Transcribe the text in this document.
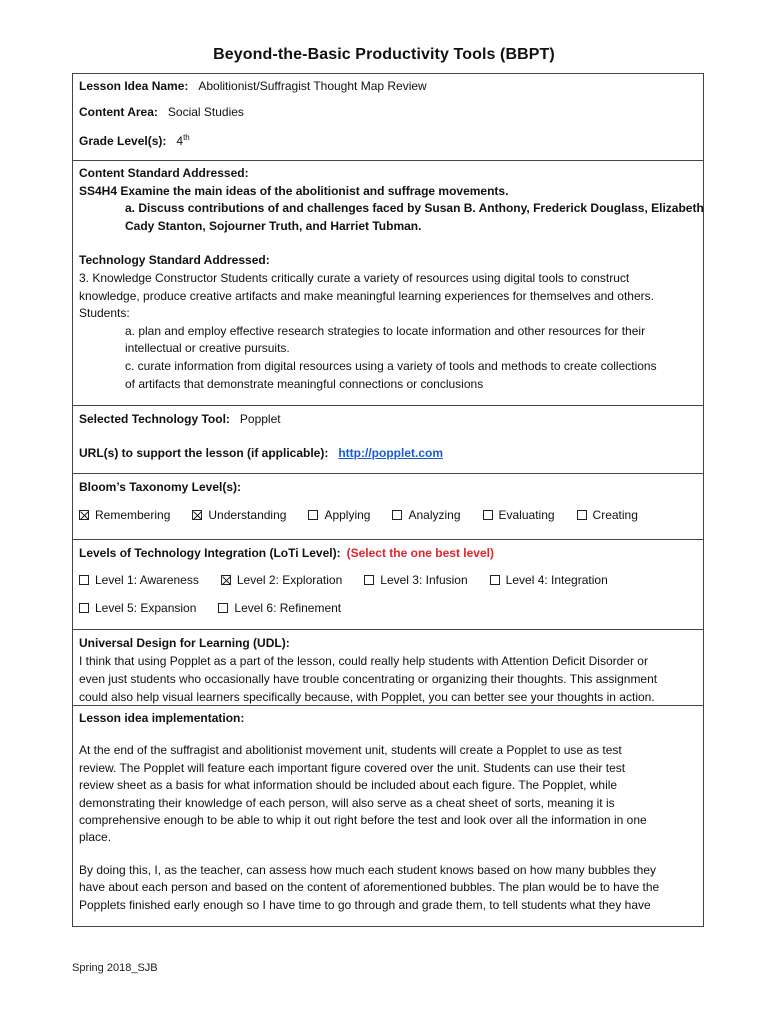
Beyond-the-Basic Productivity Tools (BBPT)
Lesson Idea Name: Abolitionist/Suffragist Thought Map Review
Content Area: Social Studies
Grade Level(s): 4th
Content Standard Addressed:
SS4H4 Examine the main ideas of the abolitionist and suffrage movements.
a. Discuss contributions of and challenges faced by Susan B. Anthony, Frederick Douglass, Elizabeth
Cady Stanton, Sojourner Truth, and Harriet Tubman.
Technology Standard Addressed:
3. Knowledge Constructor Students critically curate a variety of resources using digital tools to construct
knowledge, produce creative artifacts and make meaningful learning experiences for themselves and others.
Students:
a. plan and employ effective research strategies to locate information and other resources for their
intellectual or creative pursuits.
c. curate information from digital resources using a variety of tools and methods to create collections
of artifacts that demonstrate meaningful connections or conclusions
Selected Technology Tool: Popplet
URL(s) to support the lesson (if applicable): http://popplet.com
Bloom’s Taxonomy Level(s):
Remembering	Understanding	Applying	Analyzing	Evaluating	Creating
Levels of Technology Integration (LoTi Level): (Select the one best level)
Level 1: Awareness	Level 2: Exploration	Level 3: Infusion	Level 4: Integration
Level 5: Expansion	Level 6: Refinement
Universal Design for Learning (UDL):
I think that using Popplet as a part of the lesson, could really help students with Attention Deficit Disorder or
even just students who occasionally have trouble concentrating or organizing their thoughts. This assignment
could also help visual learners specifically because, with Popplet, you can better see your thoughts in action.
Lesson idea implementation:
At the end of the suffragist and abolitionist movement unit, students will create a Popplet to use as test
review. The Popplet will feature each important figure covered over the unit. Students can use their test
review sheet as a basis for what information should be included about each figure. The Popplet, while
demonstrating their knowledge of each person, will also serve as a cheat sheet of sorts, meaning it is
comprehensive enough to be able to whip it out right before the test and look over all the information in one
place.
By doing this, I, as the teacher, can assess how much each student knows based on how many bubbles they
have about each person and based on the content of aforementioned bubbles. The plan would be to have the
Popplets finished early enough so I have time to go through and grade them, to tell students what they have
Spring 2018_SJB
